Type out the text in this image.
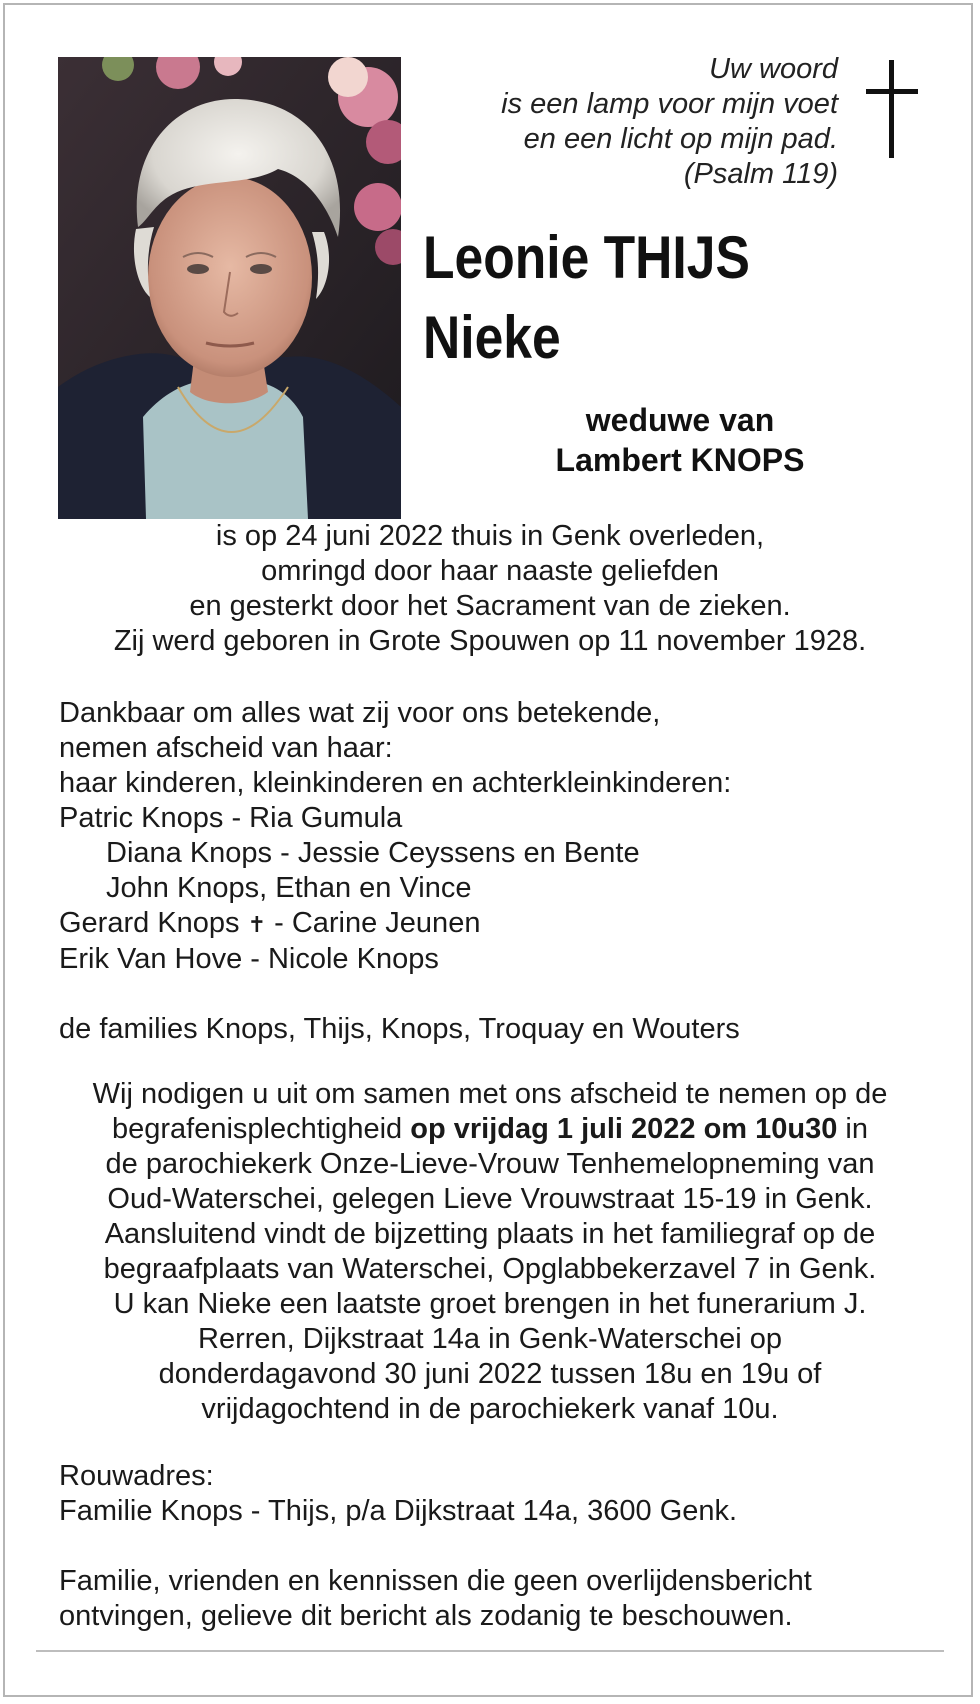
Uw woord
is een lamp voor mijn voet
en een licht op mijn pad.
(Psalm 119)
Leonie THIJS
Nieke
weduwe van
Lambert KNOPS
is op 24 juni 2022 thuis in Genk overleden,
omringd door haar naaste geliefden
en gesterkt door het Sacrament van de zieken.
Zij werd geboren in Grote Spouwen op 11 november 1928.
Dankbaar om alles wat zij voor ons betekende,
nemen afscheid van haar:
haar kinderen, kleinkinderen en achterkleinkinderen:
Patric Knops - Ria Gumula
Diana Knops - Jessie Ceyssens en Bente
John Knops, Ethan en Vince
Gerard Knops ✝ - Carine Jeunen
Erik Van Hove - Nicole Knops
de families Knops, Thijs, Knops, Troquay en Wouters
Wij nodigen u uit om samen met ons afscheid te nemen op de
begrafenisplechtigheid op vrijdag 1 juli 2022 om 10u30 in
de parochiekerk Onze-Lieve-Vrouw Tenhemelopneming van
Oud-Waterschei, gelegen Lieve Vrouwstraat 15-19 in Genk.
Aansluitend vindt de bijzetting plaats in het familiegraf op de
begraafplaats van Waterschei, Opglabbekerzavel 7 in Genk.
U kan Nieke een laatste groet brengen in het funerarium J.
Rerren, Dijkstraat 14a in Genk-Waterschei op
donderdagavond 30 juni 2022 tussen 18u en 19u of
vrijdagochtend in de parochiekerk vanaf 10u.
Rouwadres:
Familie Knops - Thijs, p/a Dijkstraat 14a, 3600 Genk.
Familie, vrienden en kennissen die geen overlijdensbericht
ontvingen, gelieve dit bericht als zodanig te beschouwen.
